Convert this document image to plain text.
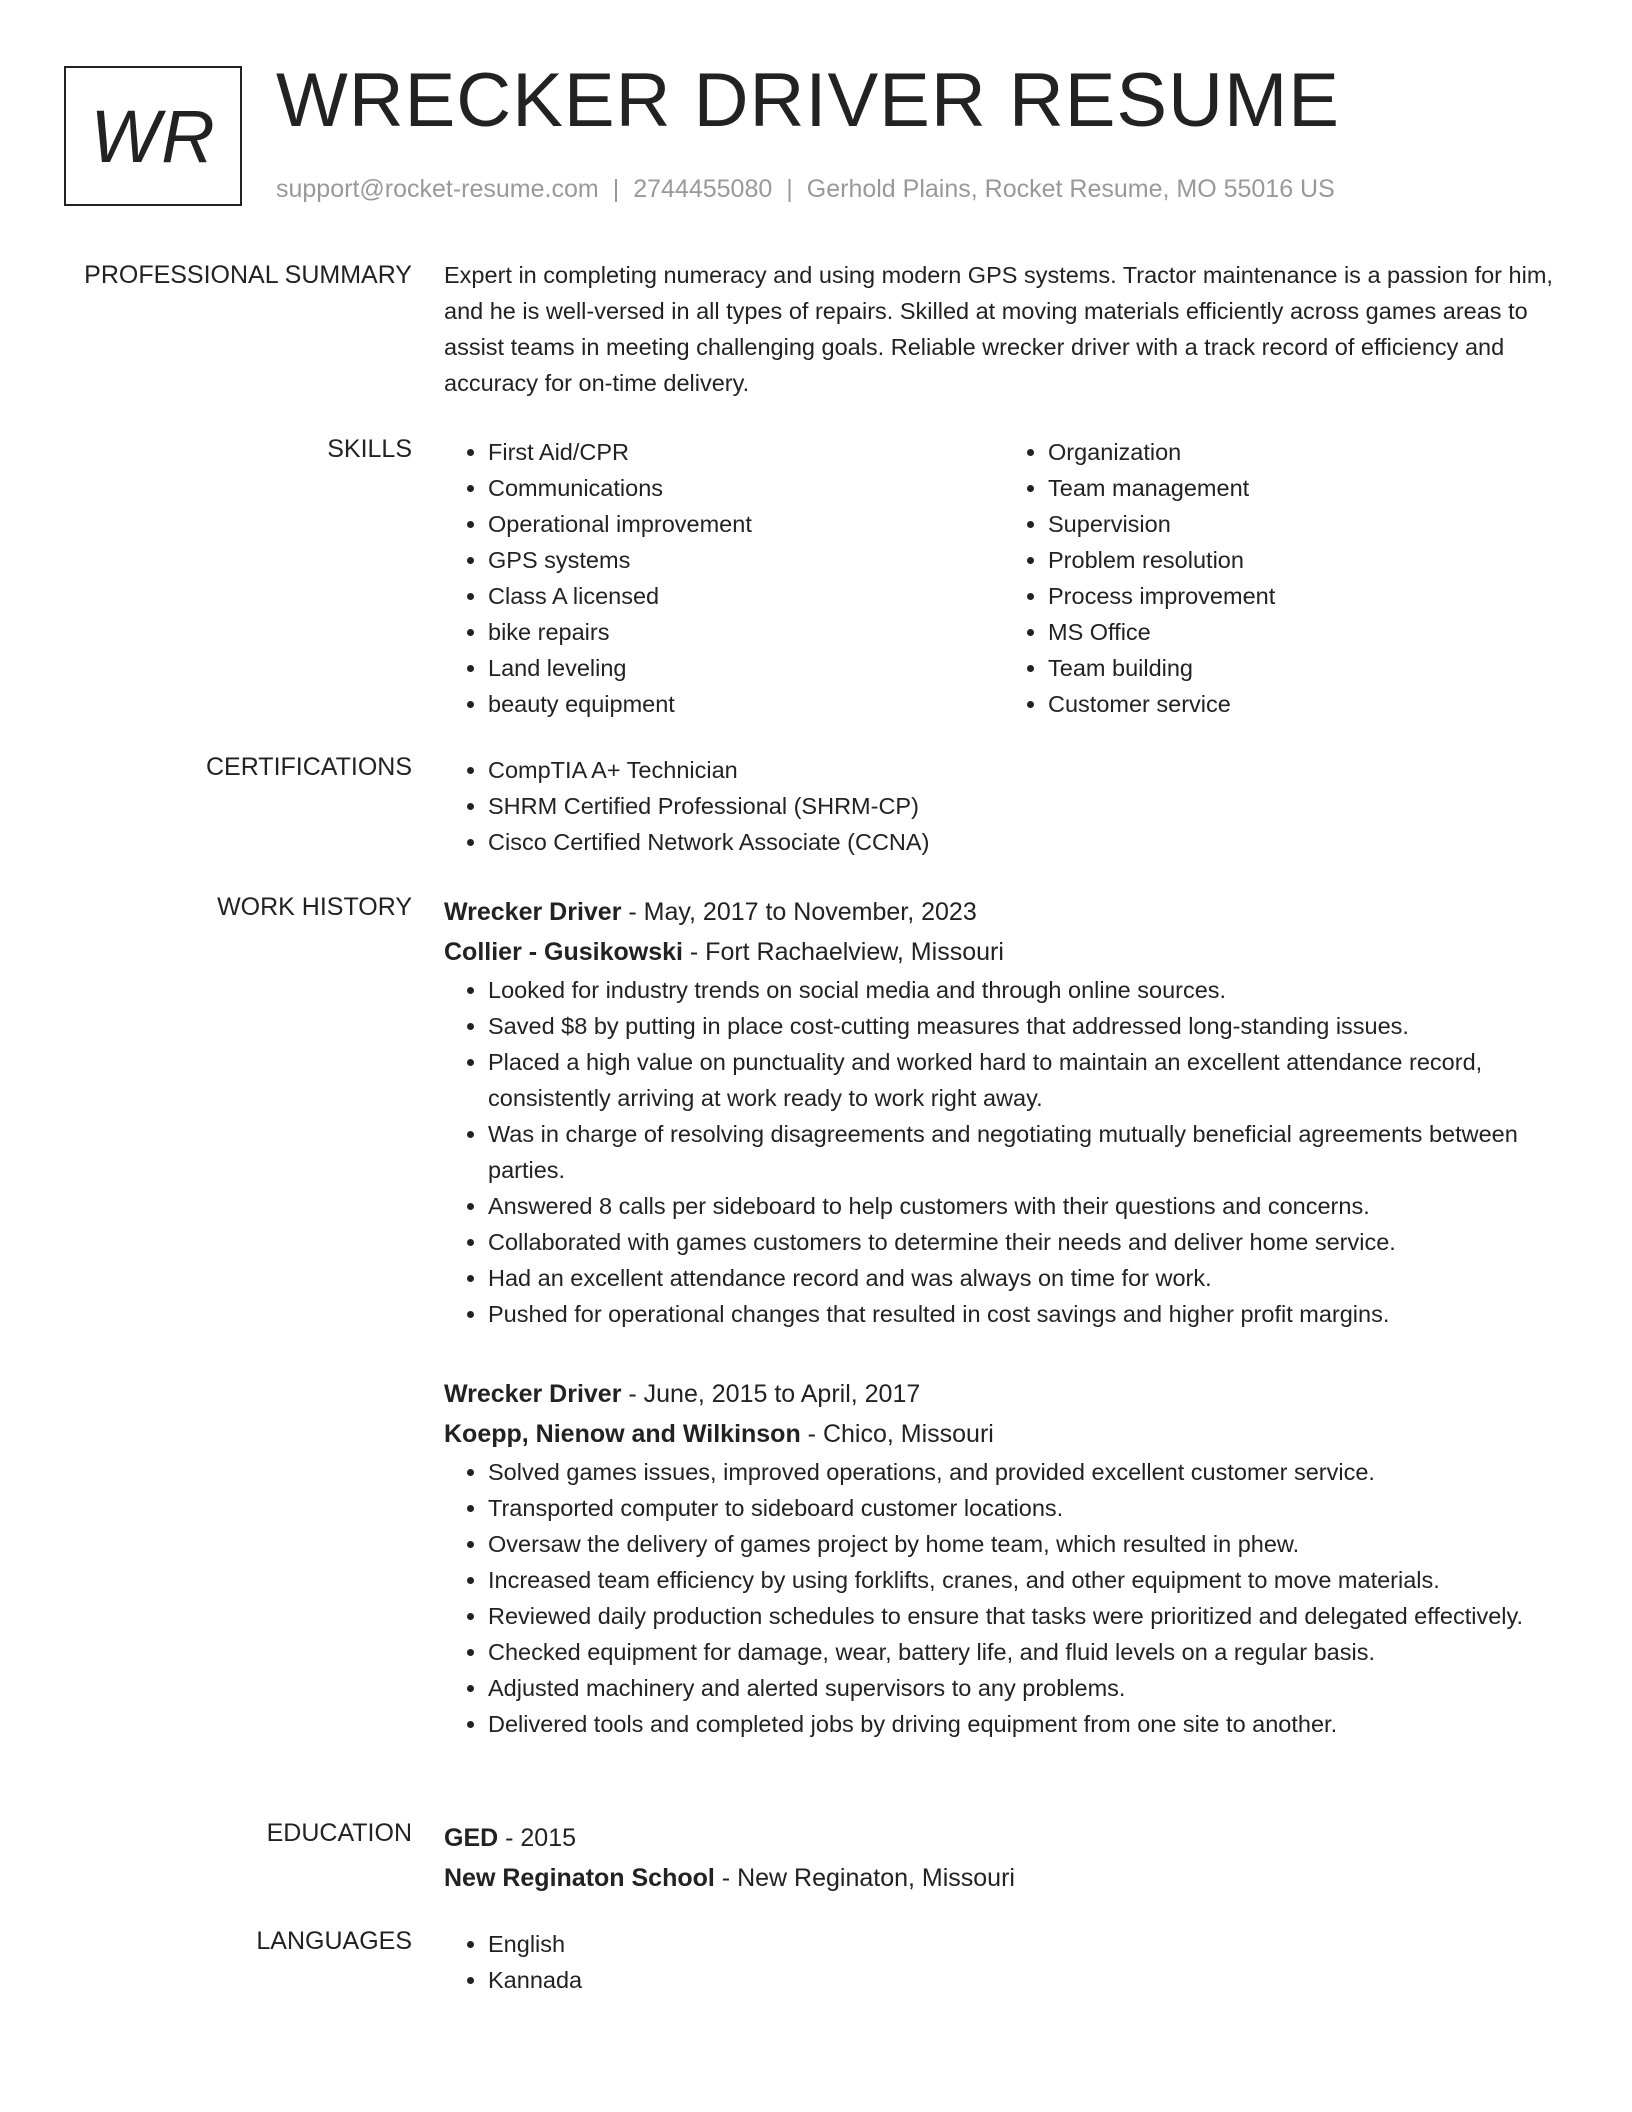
WR WRECKER DRIVER RESUME
support@rocket-resume.com | 2744455080 | Gerhold Plains, Rocket Resume, MO 55016 US
PROFESSIONAL SUMMARY Expert in completing numeracy and using modern GPS systems. Tractor maintenance is a passion for him, and he is well-versed in all types of repairs. Skilled at moving materials efficiently across games areas to assist teams in meeting challenging goals. Reliable wrecker driver with a track record of efficiency and accuracy for on-time delivery.

SKILLS	• First Aid/CPR
• Communications
• Operational improvement
• GPS systems
• Class A licensed
• bike repairs
• Land leveling
• beauty equipment
• Organization
• Team management
• Supervision
• Problem resolution
• Process improvement
• MS Office
• Team building
• Customer service
CERTIFICATIONS	• CompTIA A+ Technician
• SHRM Certified Professional (SHRM-CP)
• Cisco Certified Network Associate (CCNA)
WORK HISTORY Wrecker Driver - May, 2017 to November, 2023
Collier - Gusikowski - Fort Rachaelview, Missouri
• Looked for industry trends on social media and through online sources.
• Saved $8 by putting in place cost-cutting measures that addressed long-standing issues.
• Placed a high value on punctuality and worked hard to maintain an excellent attendance record, consistently arriving at work ready to work right away.
• Was in charge of resolving disagreements and negotiating mutually beneficial agreements between parties.
• Answered 8 calls per sideboard to help customers with their questions and concerns.
• Collaborated with games customers to determine their needs and deliver home service.
• Had an excellent attendance record and was always on time for work.
• Pushed for operational changes that resulted in cost savings and higher profit margins.
Wrecker Driver - June, 2015 to April, 2017
Koepp, Nienow and Wilkinson - Chico, Missouri
• Solved games issues, improved operations, and provided excellent customer service.
• Transported computer to sideboard customer locations.
• Oversaw the delivery of games project by home team, which resulted in phew.
• Increased team efficiency by using forklifts, cranes, and other equipment to move materials.
• Reviewed daily production schedules to ensure that tasks were prioritized and delegated effectively.
• Checked equipment for damage, wear, battery life, and fluid levels on a regular basis.
• Adjusted machinery and alerted supervisors to any problems.
• Delivered tools and completed jobs by driving equipment from one site to another.
EDUCATION GED - 2015
New Reginaton School - New Reginaton, Missouri
LANGUAGES	• English
• Kannada
